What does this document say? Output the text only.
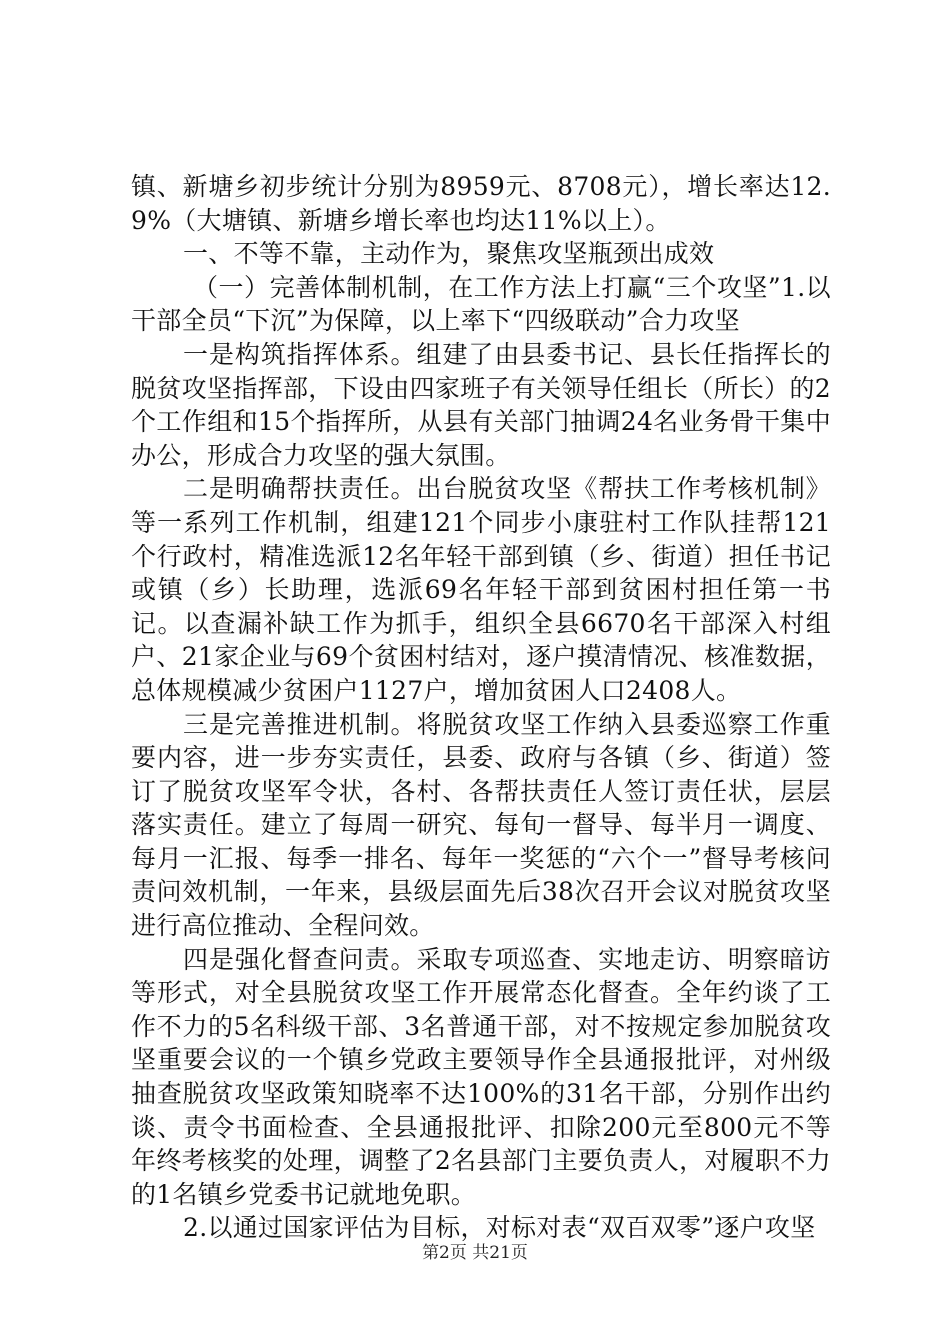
镇、新塘乡初步统计分别为8959元、8708元），增长率达12.9%（大塘镇、新塘乡增长率也均达11%以上）。

一、不等不靠，主动作为，聚焦攻坚瓶颈出成效

（一）完善体制机制，在工作方法上打赢“三个攻坚”1.以干部全员“下沉”为保障，以上率下“四级联动”合力攻坚

一是构筑指挥体系。组建了由县委书记、县长任指挥长的脱贫攻坚指挥部，下设由四家班子有关领导任组长（所长）的2个工作组和15个指挥所，从县有关部门抽调24名业务骨干集中办公，形成合力攻坚的强大氛围。

二是明确帮扶责任。出台脱贫攻坚《帮扶工作考核机制》等一系列工作机制，组建121个同步小康驻村工作队挂帮121个行政村，精准选派12名年轻干部到镇（乡、街道）担任书记或镇（乡）长助理，选派69名年轻干部到贫困村担任第一书记。以查漏补缺工作为抓手，组织全县6670名干部深入村组户、21家企业与69个贫困村结对，逐户摸清情况、核准数据，总体规模减少贫困户1127户，增加贫困人口2408人。

三是完善推进机制。将脱贫攻坚工作纳入县委巡察工作重要内容，进一步夯实责任，县委、政府与各镇（乡、街道）签订了脱贫攻坚军令状，各村、各帮扶责任人签订责任状，层层落实责任。建立了每周一研究、每旬一督导、每半月一调度、每月一汇报、每季一排名、每年一奖惩的“六个一”督导考核问责问效机制，一年来，县级层面先后38次召开会议对脱贫攻坚进行高位推动、全程问效。

四是强化督查问责。采取专项巡查、实地走访、明察暗访等形式，对全县脱贫攻坚工作开展常态化督查。全年约谈了工作不力的5名科级干部、3名普通干部，对不按规定参加脱贫攻坚重要会议的一个镇乡党政主要领导作全县通报批评，对州级抽查脱贫攻坚政策知晓率不达100%的31名干部，分别作出约谈、责令书面检查、全县通报批评、扣除200元至800元不等年终考核奖的处理，调整了2名县部门主要负责人，对履职不力的1名镇乡党委书记就地免职。

2.以通过国家评估为目标，对标对表“双百双零”逐户攻坚

第2页 共21页
